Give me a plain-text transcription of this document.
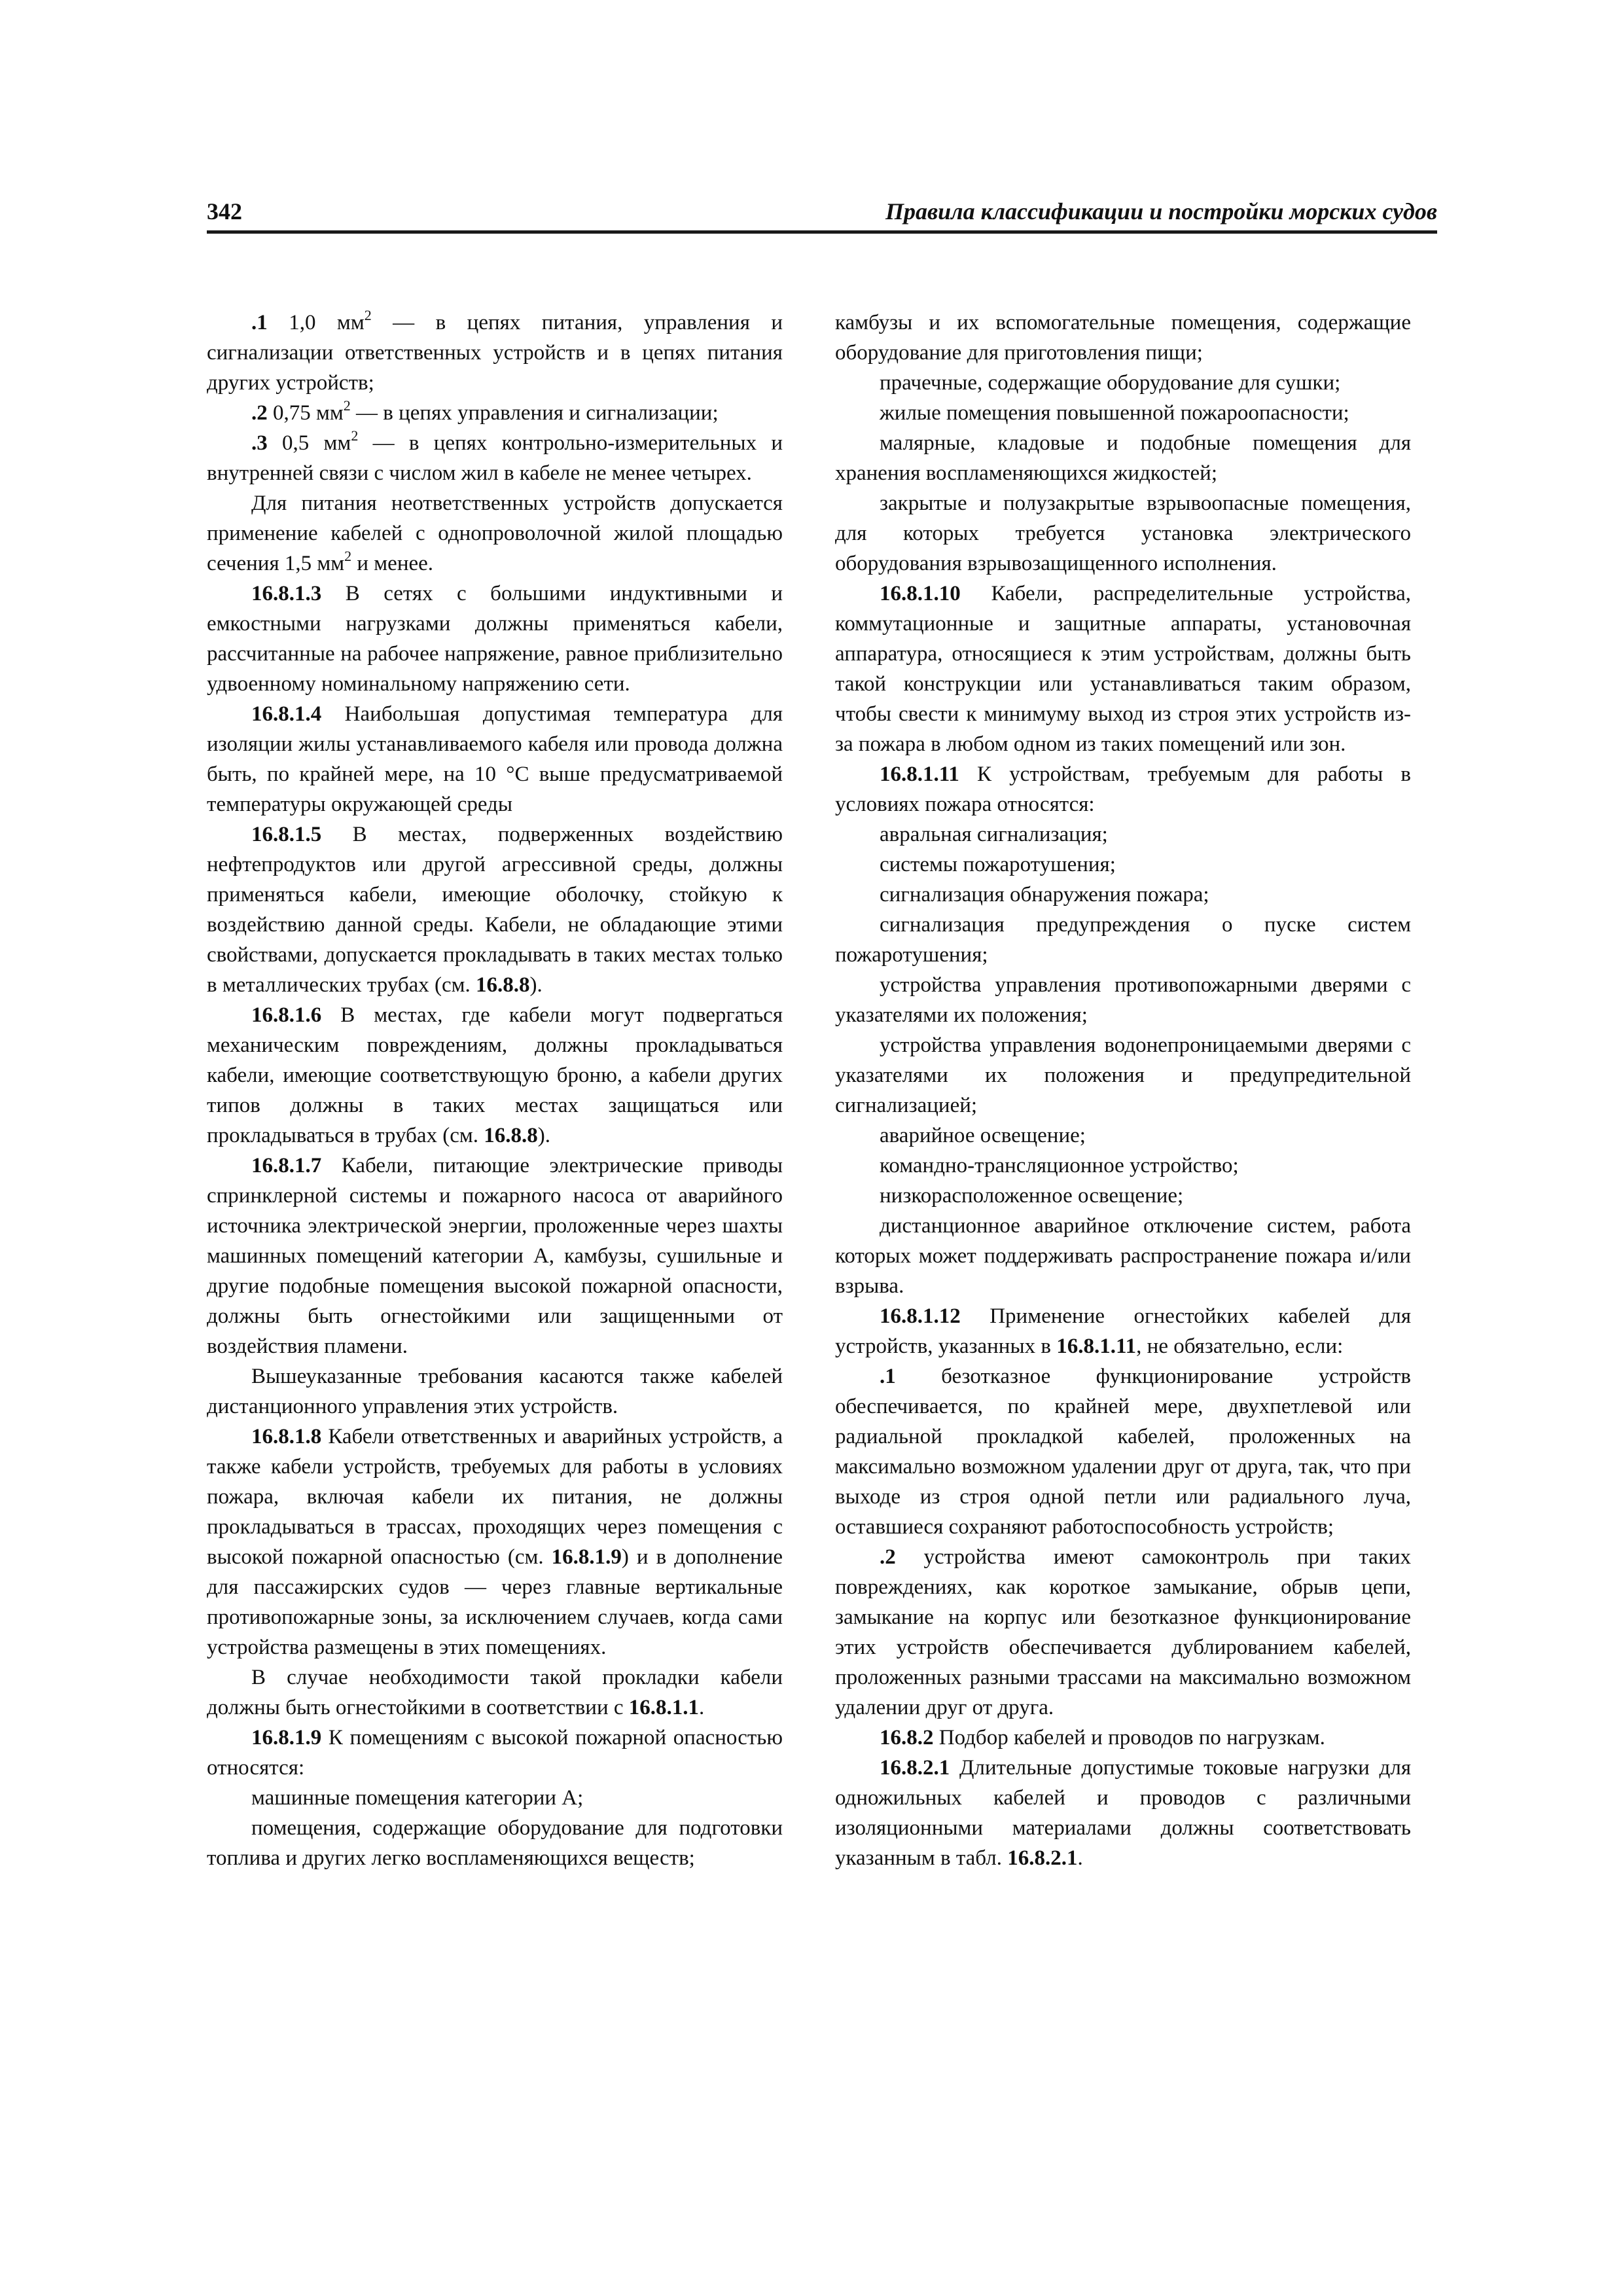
342	Правила классификации и постройки морских судов

.1 1,0 $мм^2$ — в цепях питания, управления и сигнализации ответственных устройств и в цепях питания других устройств;

.2 0,75 $мм^2$ — в цепях управления и сигнализации;

.3 0,5 $мм^2$ — в цепях контрольно-измерительных и внутренней связи с числом жил в кабеле не менее четырех.

Для питания неответственных устройств допускается применение кабелей с однопроволочной жилой площадью сечения 1,5 $мм^2$ и менее.

16.8.1.3 В сетях с большими индуктивными и емкостными нагрузками должны применяться кабели, рассчитанные на рабочее напряжение, равное приблизительно удвоенному номинальному напряжению сети.

16.8.1.4 Наибольшая допустимая температура для изоляции жилы устанавливаемого кабеля или провода должна быть, по крайней мере, на 10 °С выше предусматриваемой температуры окружающей среды

16.8.1.5 В местах, подверженных воздействию нефтепродуктов или другой агрессивной среды, должны применяться кабели, имеющие оболочку, стойкую к воздействию данной среды. Кабели, не обладающие этими свойствами, допускается прокладывать в таких местах только в металлических трубах (см. 16.8.8).

16.8.1.6 В местах, где кабели могут подвергаться механическим повреждениям, должны прокладываться кабели, имеющие соответствующую броню, а кабели других типов должны в таких местах защищаться или прокладываться в трубах (см. 16.8.8).

16.8.1.7 Кабели, питающие электрические приводы спринклерной системы и пожарного насоса от аварийного источника электрической энергии, проложенные через шахты машинных помещений категории А, камбузы, сушильные и другие подобные помещения высокой пожарной опасности, должны быть огнестойкими или защищенными от воздействия пламени.

Вышеуказанные требования касаются также кабелей дистанционного управления этих устройств.

16.8.1.8 Кабели ответственных и аварийных устройств, а также кабели устройств, требуемых для работы в условиях пожара, включая кабели их питания, не должны прокладываться в трассах, проходящих через помещения с высокой пожарной опасностью (см. 16.8.1.9) и в дополнение для пассажирских судов — через главные вертикальные противопожарные зоны, за исключением случаев, когда сами устройства размещены в этих помещениях.

В случае необходимости такой прокладки кабели должны быть огнестойкими в соответствии с 16.8.1.1.

16.8.1.9 К помещениям с высокой пожарной опасностью относятся:

машинные помещения категории А;

помещения, содержащие оборудование для подготовки топлива и других легко воспламеняющихся веществ;

камбузы и их вспомогательные помещения, содержащие оборудование для приготовления пищи;

прачечные, содержащие оборудование для сушки;

жилые помещения повышенной пожароопасности;

малярные, кладовые и подобные помещения для хранения воспламеняющихся жидкостей;

закрытые и полузакрытые взрывоопасные помещения, для которых требуется установка электрического оборудования взрывозащищенного исполнения.

16.8.1.10 Кабели, распределительные устройства, коммутационные и защитные аппараты, установочная аппаратура, относящиеся к этим устройствам, должны быть такой конструкции или устанавливаться таким образом, чтобы свести к минимуму выход из строя этих устройств из-за пожара в любом одном из таких помещений или зон.

16.8.1.11 К устройствам, требуемым для работы в условиях пожара относятся:

авральная сигнализация;

системы пожаротушения;

сигнализация обнаружения пожара;

сигнализация предупреждения о пуске систем пожаротушения;

устройства управления противопожарными дверями с указателями их положения;

устройства управления водонепроницаемыми дверями с указателями их положения и предупредительной сигнализацией;

аварийное освещение;

командно-трансляционное устройство;

низкорасположенное освещение;

дистанционное аварийное отключение систем, работа которых может поддерживать распространение пожара и/или взрыва.

16.8.1.12 Применение огнестойких кабелей для устройств, указанных в 16.8.1.11, не обязательно, если:

.1 безотказное функционирование устройств обеспечивается, по крайней мере, двухпетлевой или радиальной прокладкой кабелей, проложенных на максимально возможном удалении друг от друга, так, что при выходе из строя одной петли или радиального луча, оставшиеся сохраняют работоспособность устройств;

.2 устройства имеют самоконтроль при таких повреждениях, как короткое замыкание, обрыв цепи, замыкание на корпус или безотказное функционирование этих устройств обеспечивается дублированием кабелей, проложенных разными трассами на максимально возможном удалении друг от друга.

16.8.2 Подбор кабелей и проводов по нагрузкам.

16.8.2.1 Длительные допустимые токовые нагрузки для одножильных кабелей и проводов с различными изоляционными материалами должны соответствовать указанным в табл. 16.8.2.1.
